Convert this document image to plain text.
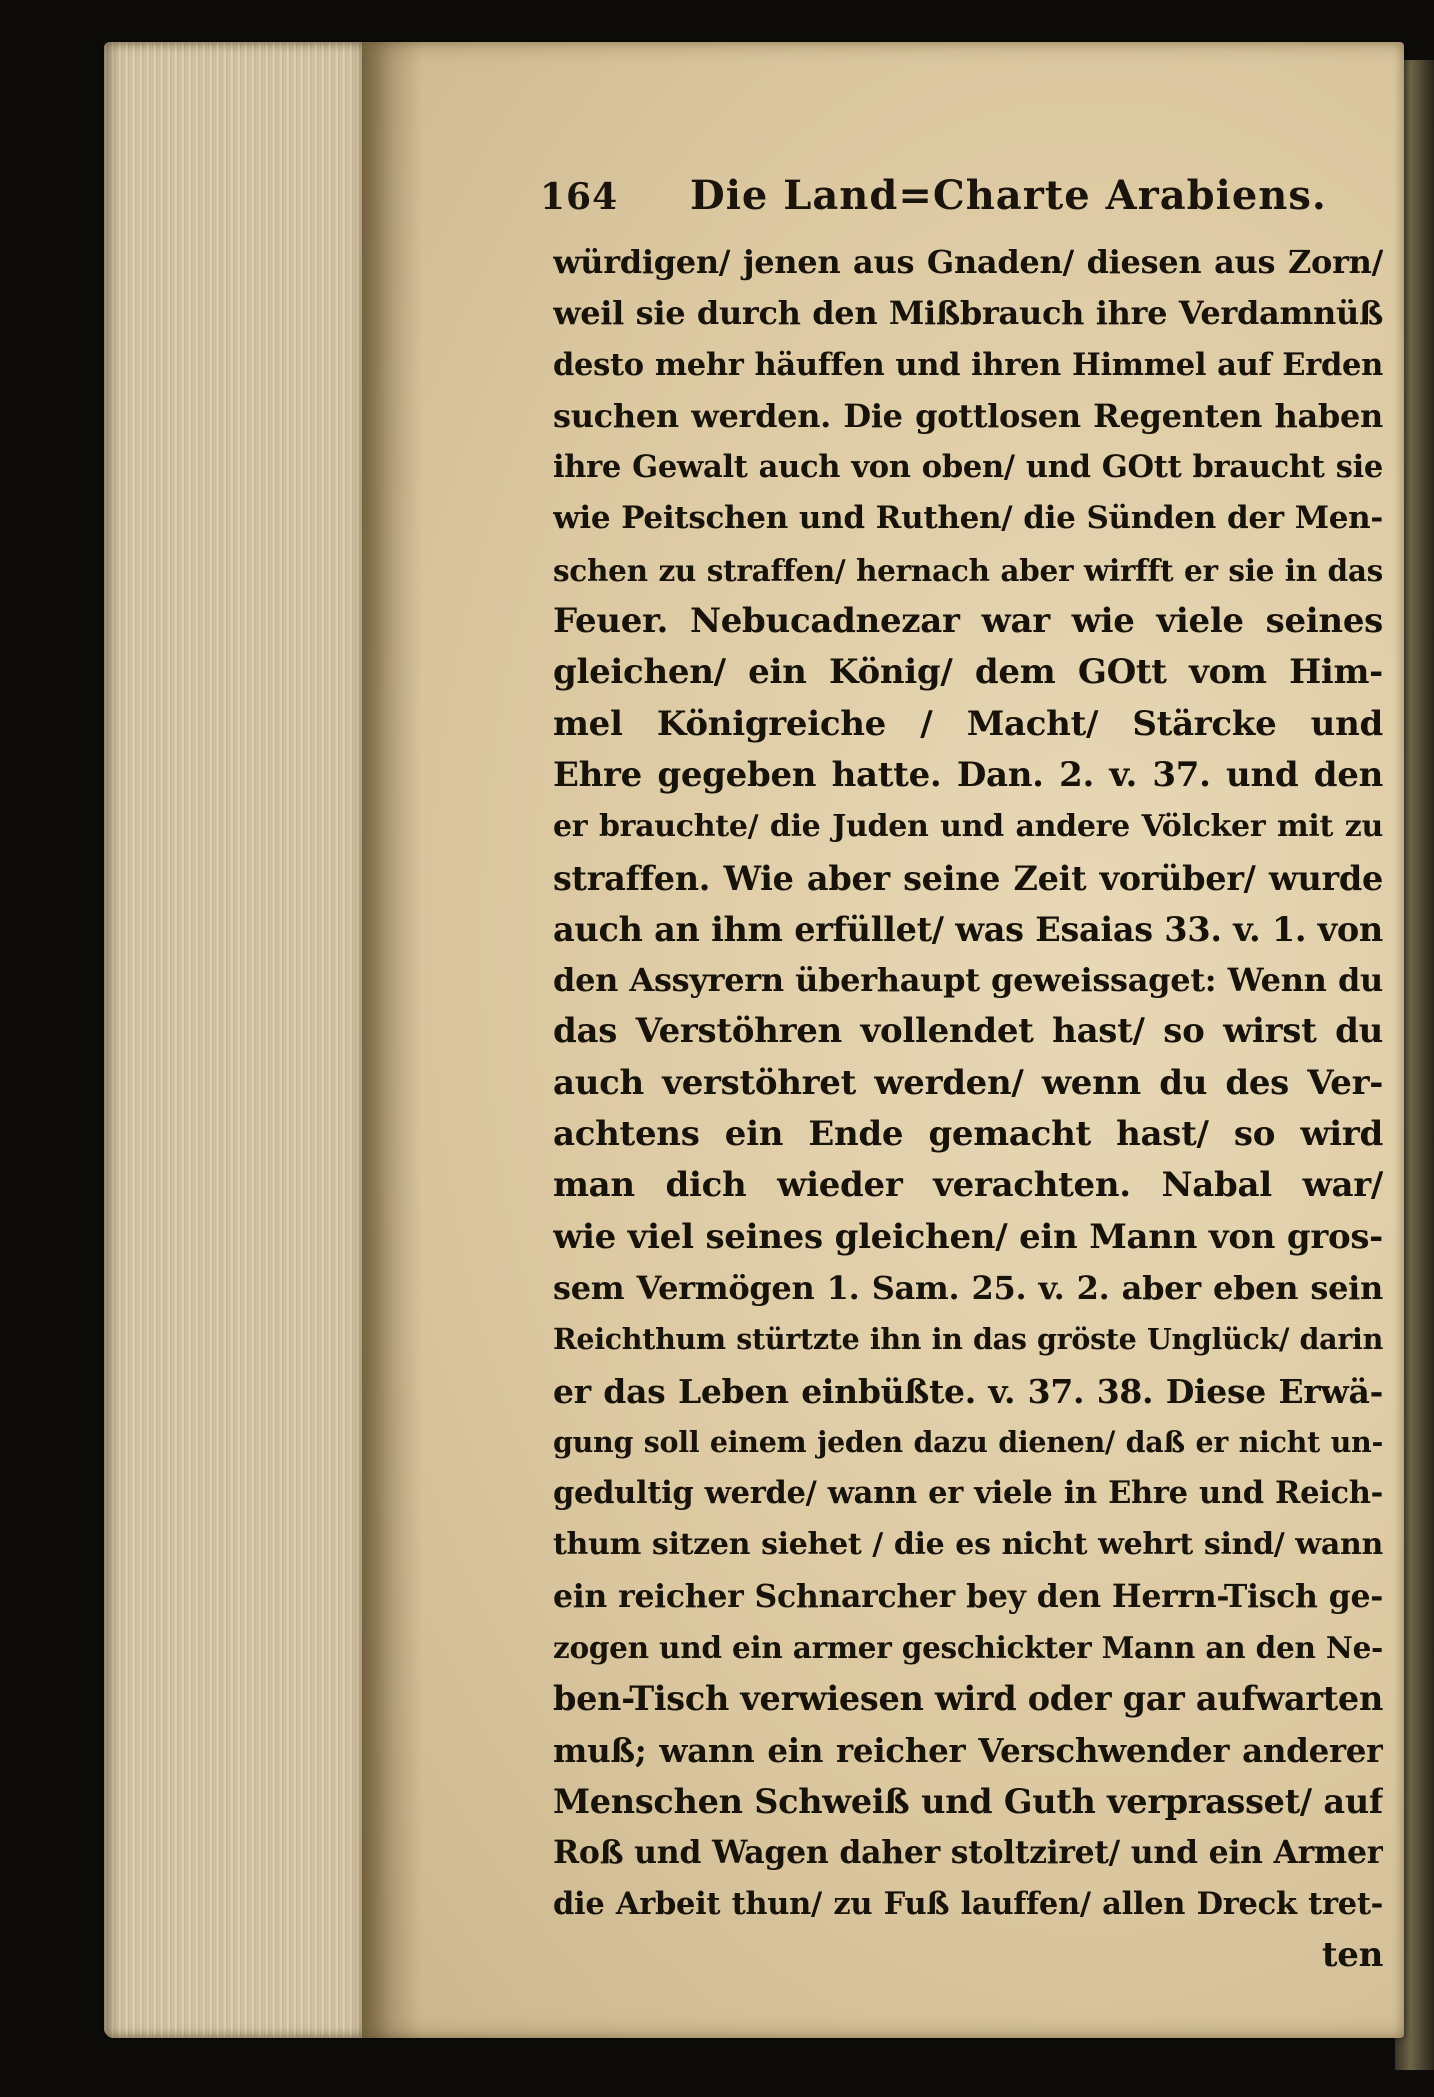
164 Die Land=Charte Arabiens.
würdigen/ jenen aus Gnaden/ diesen aus Zorn/
weil sie durch den Mißbrauch ihre Verdamnüß
desto mehr häuffen und ihren Himmel auf Erden
suchen werden. Die gottlosen Regenten haben
ihre Gewalt auch von oben/ und GOtt braucht sie
wie Peitschen und Ruthen/ die Sünden der Men-
schen zu straffen/ hernach aber wirfft er sie in das
Feuer. Nebucadnezar war wie viele seines
gleichen/ ein König/ dem GOtt vom Him-
mel Königreiche / Macht/ Stärcke und
Ehre gegeben hatte. Dan. 2. v. 37. und den
er brauchte/ die Juden und andere Völcker mit zu
straffen. Wie aber seine Zeit vorüber/ wurde
auch an ihm erfüllet/ was Esaias 33. v. 1. von
den Assyrern überhaupt geweissaget: Wenn du
das Verstöhren vollendet hast/ so wirst du
auch verstöhret werden/ wenn du des Ver-
achtens ein Ende gemacht hast/ so wird
man dich wieder verachten. Nabal war/
wie viel seines gleichen/ ein Mann von gros-
sem Vermögen 1. Sam. 25. v. 2. aber eben sein
Reichthum stürtzte ihn in das gröste Unglück/ darin
er das Leben einbüßte. v. 37. 38. Diese Erwä-
gung soll einem jeden dazu dienen/ daß er nicht un-
gedultig werde/ wann er viele in Ehre und Reich-
thum sitzen siehet / die es nicht wehrt sind/ wann
ein reicher Schnarcher bey den Herrn-Tisch ge-
zogen und ein armer geschickter Mann an den Ne-
ben-Tisch verwiesen wird oder gar aufwarten
muß; wann ein reicher Verschwender anderer
Menschen Schweiß und Guth verprasset/ auf
Roß und Wagen daher stoltziret/ und ein Armer
die Arbeit thun/ zu Fuß lauffen/ allen Dreck tret-
ten
